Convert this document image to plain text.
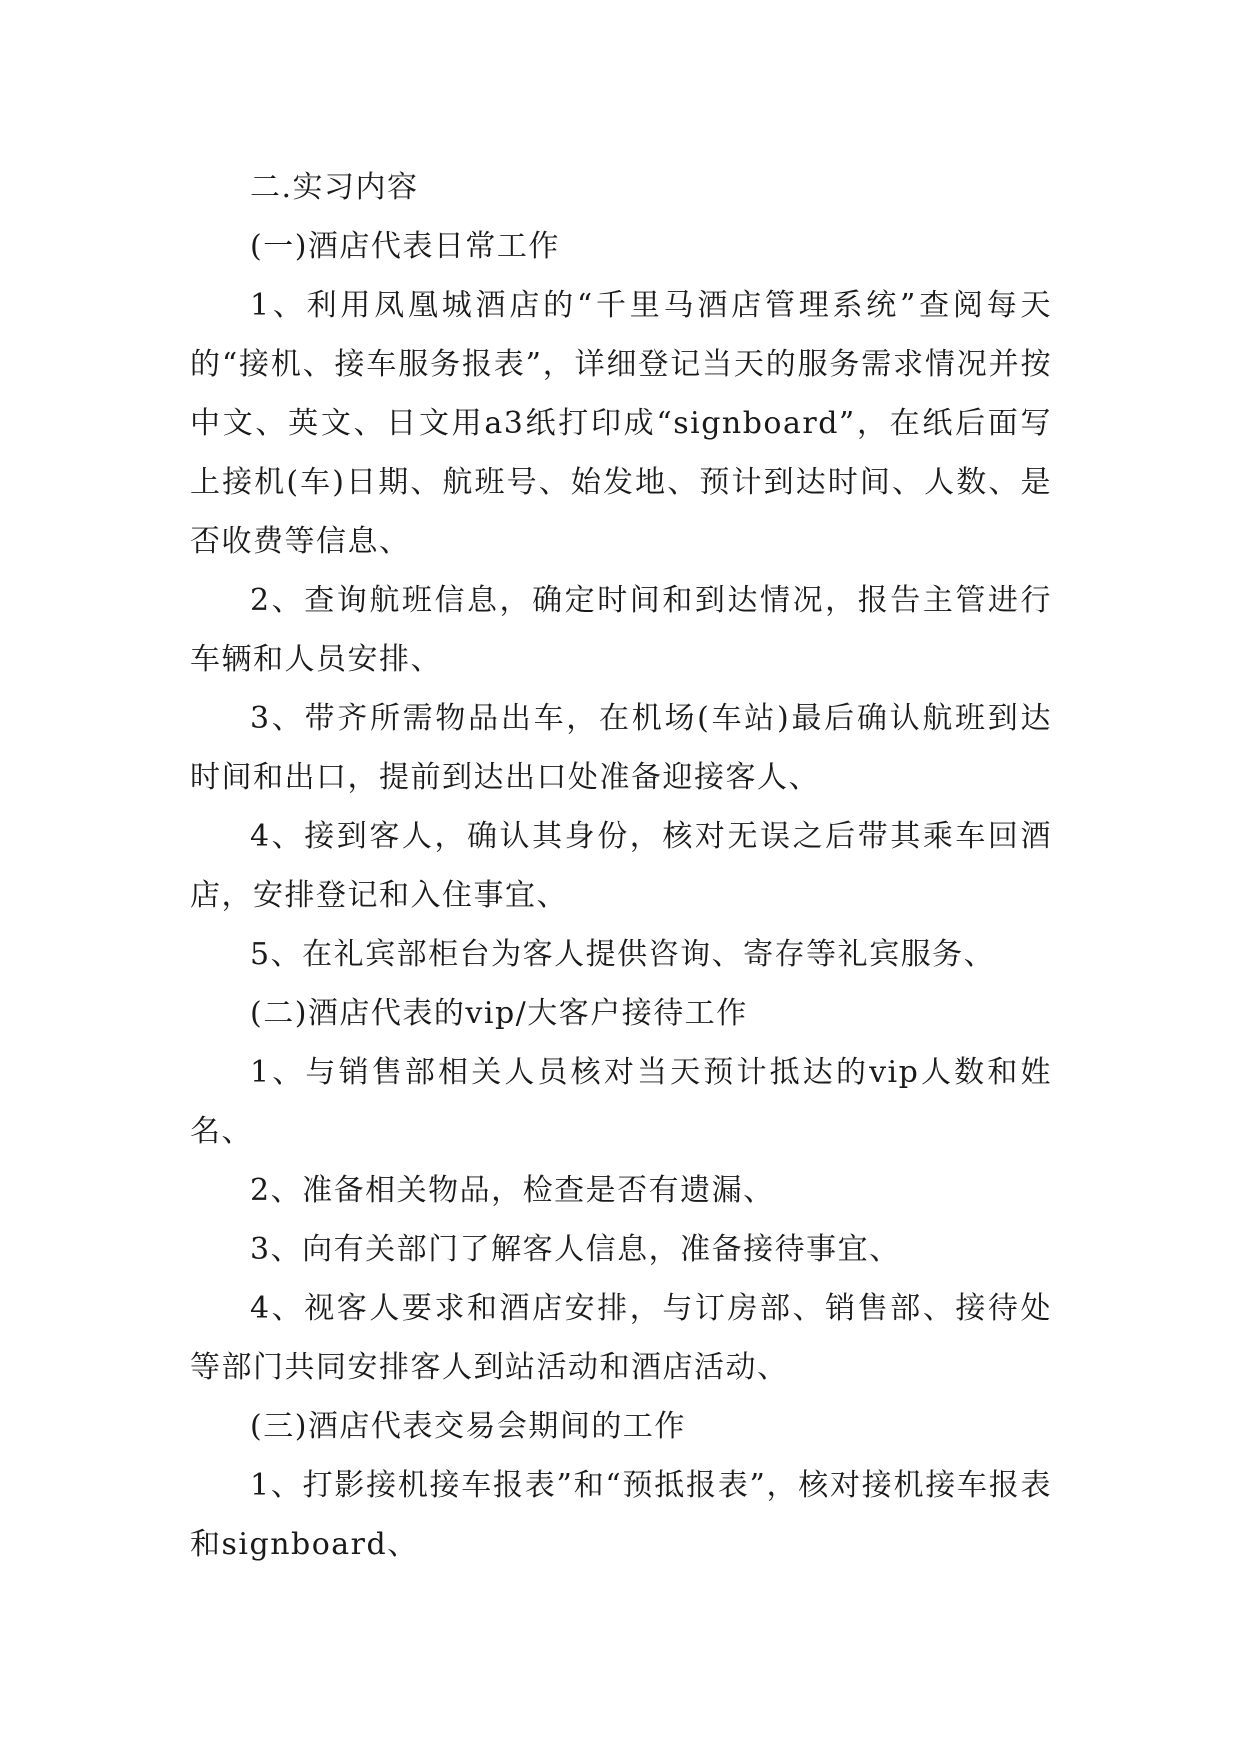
二.实习内容

(一)酒店代表日常工作

1、利用凤凰城酒店的“千里马酒店管理系统”查阅每天的“接机、接车服务报表”，详细登记当天的服务需求情况并按中文、英文、日文用a3纸打印成“signboard”，在纸后面写上接机(车)日期、航班号、始发地、预计到达时间、人数、是否收费等信息、

2、查询航班信息，确定时间和到达情况，报告主管进行车辆和人员安排、

3、带齐所需物品出车，在机场(车站)最后确认航班到达时间和出口，提前到达出口处准备迎接客人、

4、接到客人，确认其身份，核对无误之后带其乘车回酒店，安排登记和入住事宜、

5、在礼宾部柜台为客人提供咨询、寄存等礼宾服务、

(二)酒店代表的vip/大客户接待工作

1、与销售部相关人员核对当天预计抵达的vip人数和姓名、

2、准备相关物品，检查是否有遗漏、

3、向有关部门了解客人信息，准备接待事宜、

4、视客人要求和酒店安排，与订房部、销售部、接待处等部门共同安排客人到站活动和酒店活动、

(三)酒店代表交易会期间的工作

1、打影接机接车报表”和“预抵报表”，核对接机接车报表和signboard、
